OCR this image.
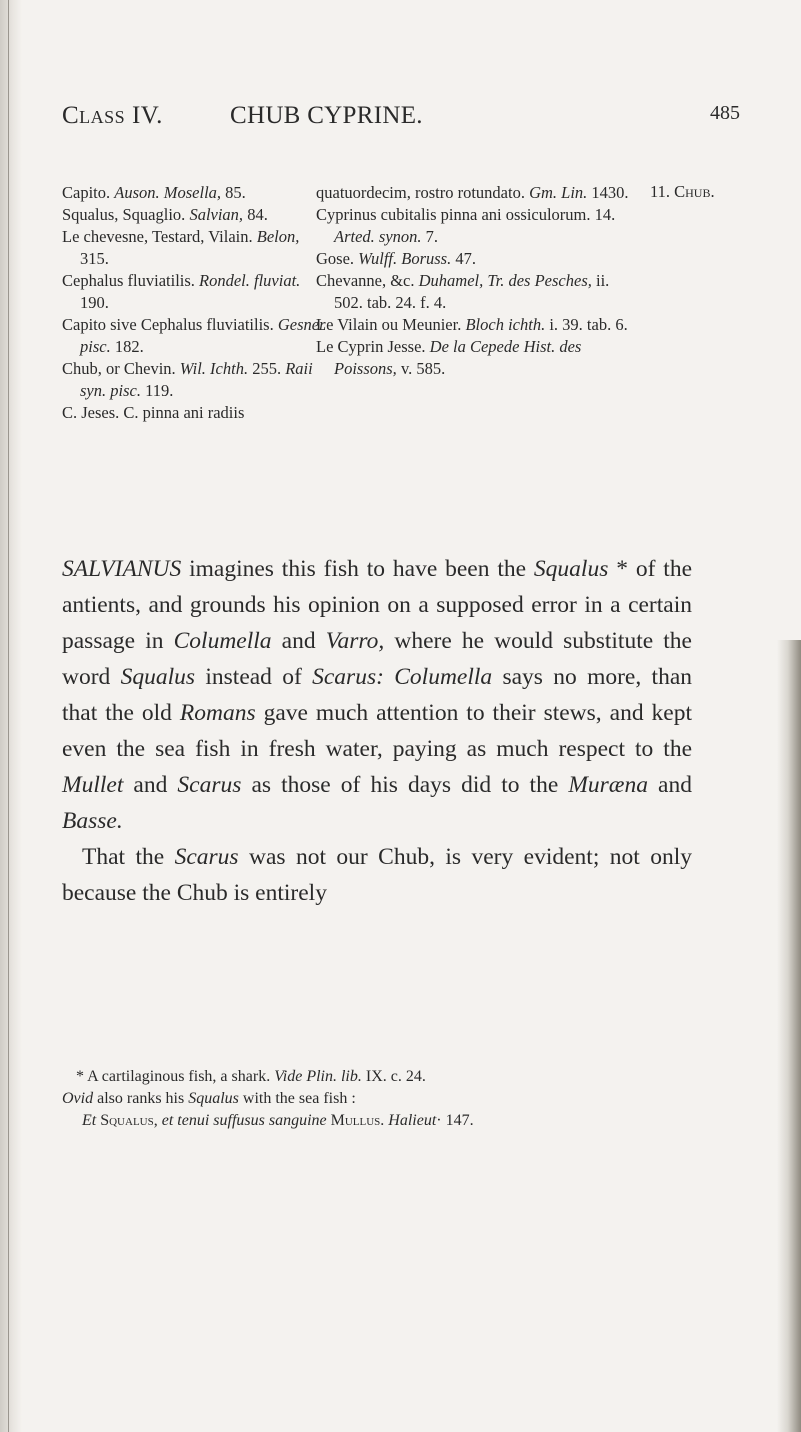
Class IV.	CHUB CYPRINE.	485

Capito. Auson. Mosella, 85.

Squalus, Squaglio. Salvian, 84.

Le chevesne, Testard, Vilain. Belon, 315.

Cephalus fluviatilis. Rondel. fluviat. 190.

Capito sive Cephalus fluviatilis. Gesner pisc. 182.

Chub, or Chevin. Wil. Ichth. 255. Raii syn. pisc. 119.

C. Jeses. C. pinna ani radiis

quatuordecim, rostro rotundato. Gm. Lin. 1430.

Cyprinus cubitalis pinna ani ossiculorum. 14. Arted. synon. 7.

Gose. Wulff. Boruss. 47.

Chevanne, &c. Duhamel, Tr. des Pesches, ii. 502. tab. 24. f. 4.

Le Vilain ou Meunier. Bloch ichth. i. 39. tab. 6.

Le Cyprin Jesse. De la Cepede Hist. des Poissons, v. 585.

11. Chub.

SALVIANUS imagines this fish to have been the Squalus * of the antients, and grounds his opinion on a supposed error in a certain passage in Columella and Varro, where he would substitute the word Squalus instead of Scarus: Columella says no more, than that the old Romans gave much attention to their stews, and kept even the sea fish in fresh water, paying as much respect to the Mullet and Scarus as those of his days did to the Muræna and Basse.

That the Scarus was not our Chub, is very evident; not only because the Chub is entirely

* A cartilaginous fish, a shark. Vide Plin. lib. IX. c. 24.

Ovid also ranks his Squalus with the sea fish :

Et Squalus, et tenui suffusus sanguine Mullus. Halieut· 147.
